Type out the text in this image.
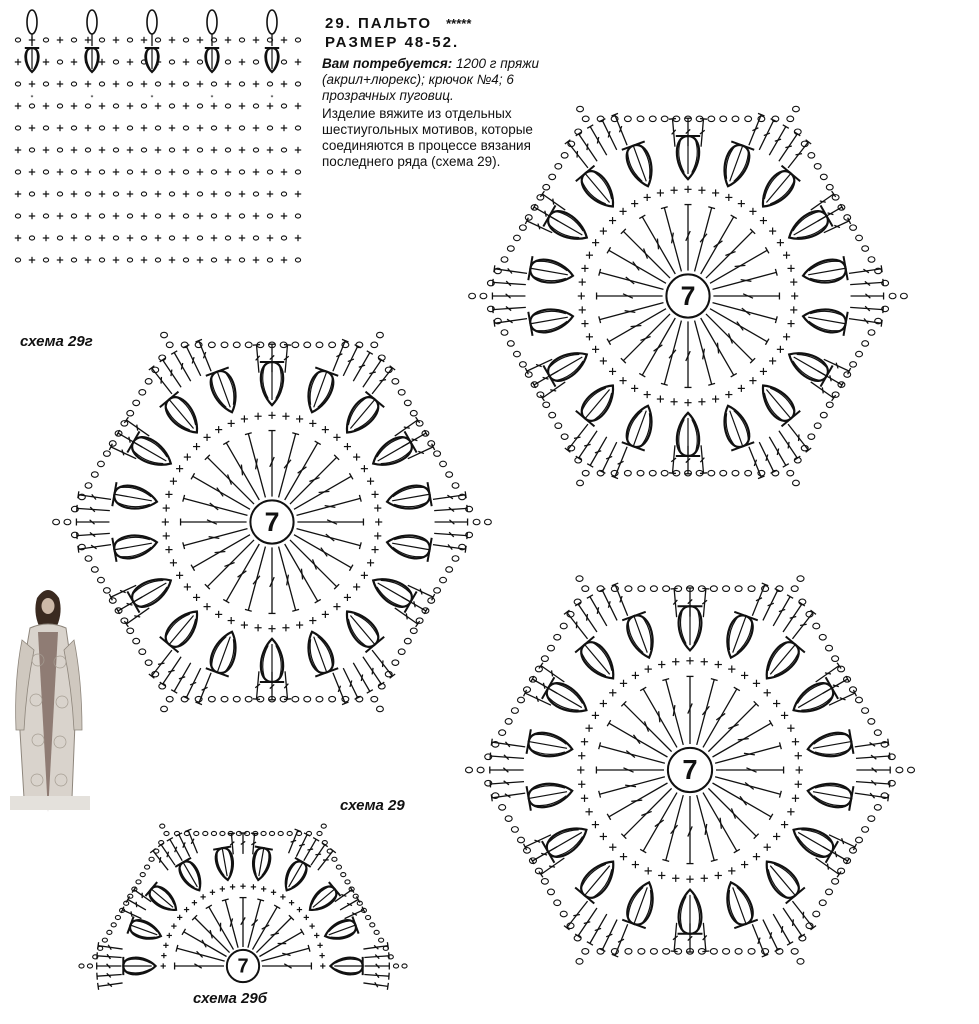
7
7
7
7
29. ПАЛЬТО *****
РАЗМЕР 48-52.
Вам потребуется: 1200 г пряжи (акрил+люрекс); крючок №4; 6 прозрачных пуговиц.
Изделие вяжите из отдельных шестиугольных мотивов, которые соединяются в процессе вязания последнего ряда (схема 29).
схема 29г
схема 29
схема 29б
